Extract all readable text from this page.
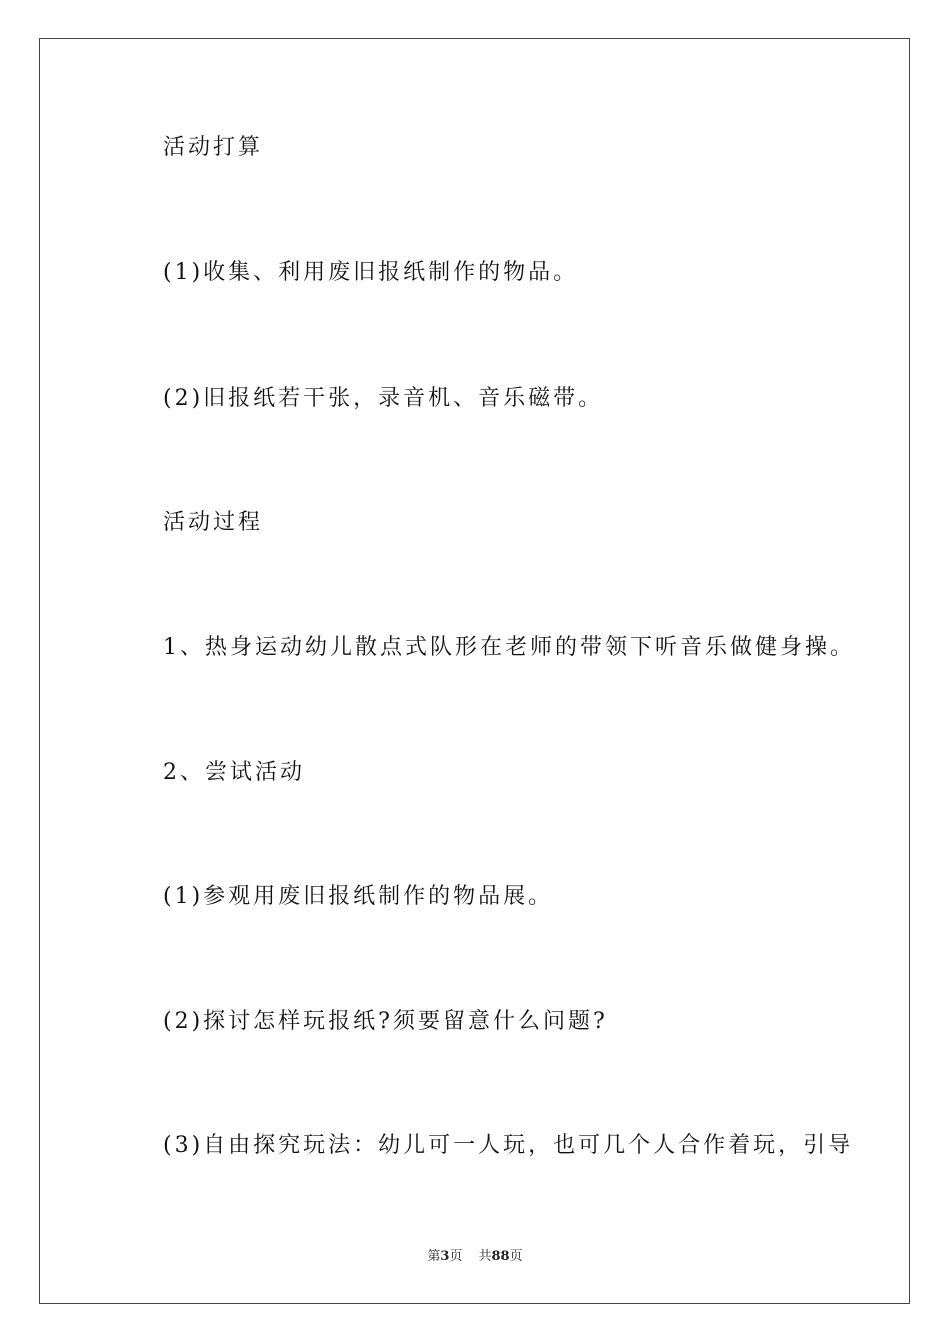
活动打算

(1)收集、利用废旧报纸制作的物品。

(2)旧报纸若干张，录音机、音乐磁带。

活动过程

1、热身运动幼儿散点式队形在老师的带领下听音乐做健身操。

2、尝试活动

(1)参观用废旧报纸制作的物品展。

(2)探讨怎样玩报纸?须要留意什么问题?

(3)自由探究玩法：幼儿可一人玩，也可几个人合作着玩，引导

第3页 共88页
